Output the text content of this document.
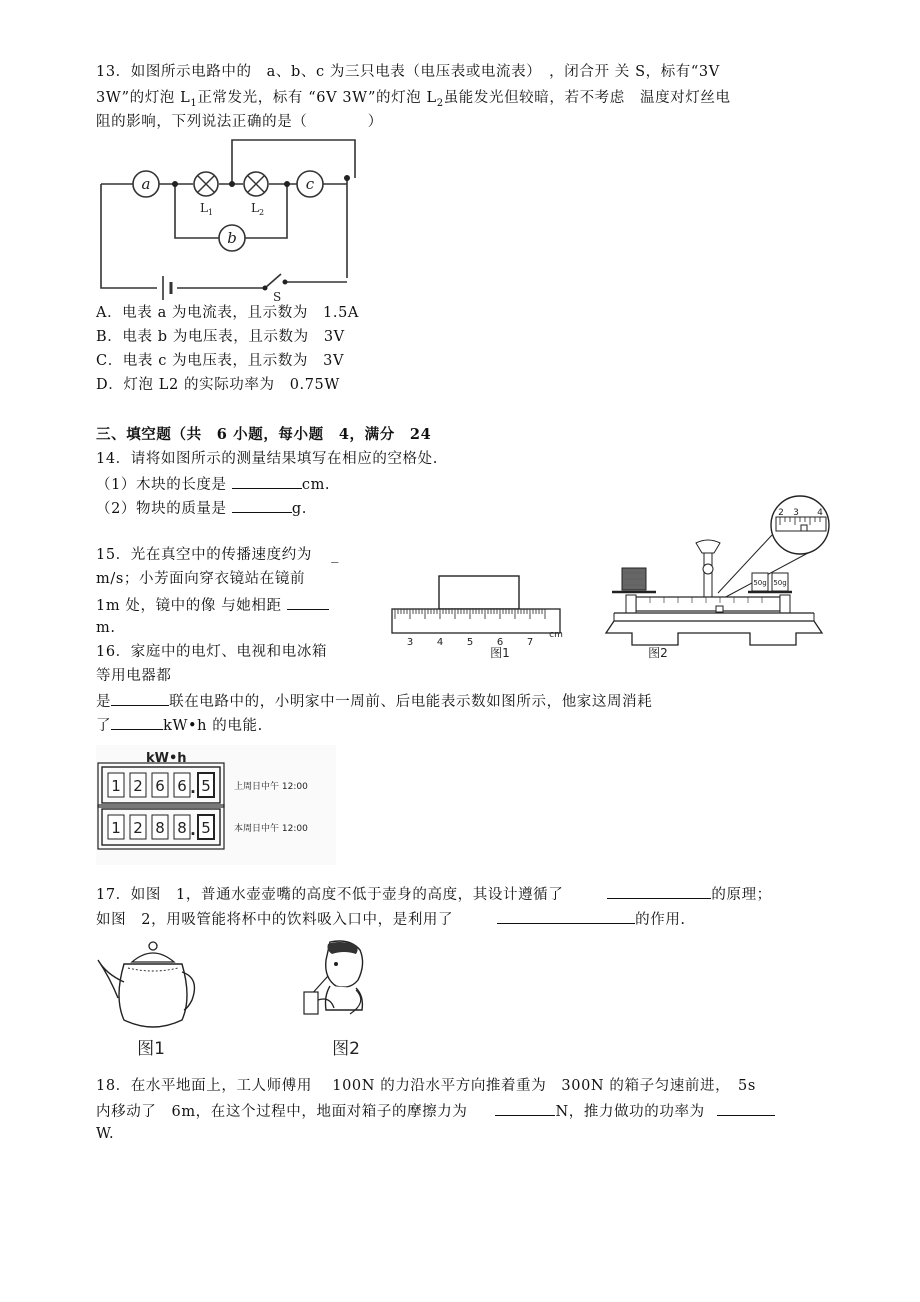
13．如图所示电路中的　a、b、c 为三只电表（电压表或电流表）　，闭合开 关 S，标有“3V
3W”的灯泡 $L_1$正常发光，标有 “6V 3W”的灯泡 $L_2$虽能发光但较暗，若不考虑　温度对灯丝电
阻的影响，下列说法正确的是（　　　　）
a	c
b
L 1	L 2
S
A．电表 a 为电流表，且示数为　1.5A
B．电表 b 为电压表，且示数为　3V
C．电表 c 为电压表，且示数为　3V
D．灯泡 L2 的实际功率为　0.75W
三、填空题（共　6 小题，每小题　4，满分　24
14．请将如图所示的测量结果填写在相应的空格处.
（1）木块的长度是	cm.
（2）物块的质量是	g.
15．光在真空中的传播速度约为 _
m/s；小芳面向穿衣镜站在镜前
1m 处，镜中的像 与她相距
m.
3 4 5 6 7
cm
图1
2 3 4
50g 50g
图2
16．家庭中的电灯、电视和电冰箱
等用电器都
是	联在电路中的，小明家中一周前、后电能表示数如图所示，他家这周消耗
了	kW•h 的电能.
kW•h
1 2 6 6 . 5	上周日中午 12:00
1 2 8 8 . 5	本周日中午 12:00
17．如图　1，普通水壶壶嘴的高度不低于壶身的高度，其设计遵循了	的原理；
如图　2，用吸管能将杯中的饮料吸入口中，是利用了	的作用.
图1	图2
18．在水平地面上，工人师傅用　 100N 的力沿水平方向推着重为　300N 的箱子匀速前进，　5s
内移动了　6m，在这个过程中，地面对箱子的摩擦力为	N，推力做功的功率为
W.
